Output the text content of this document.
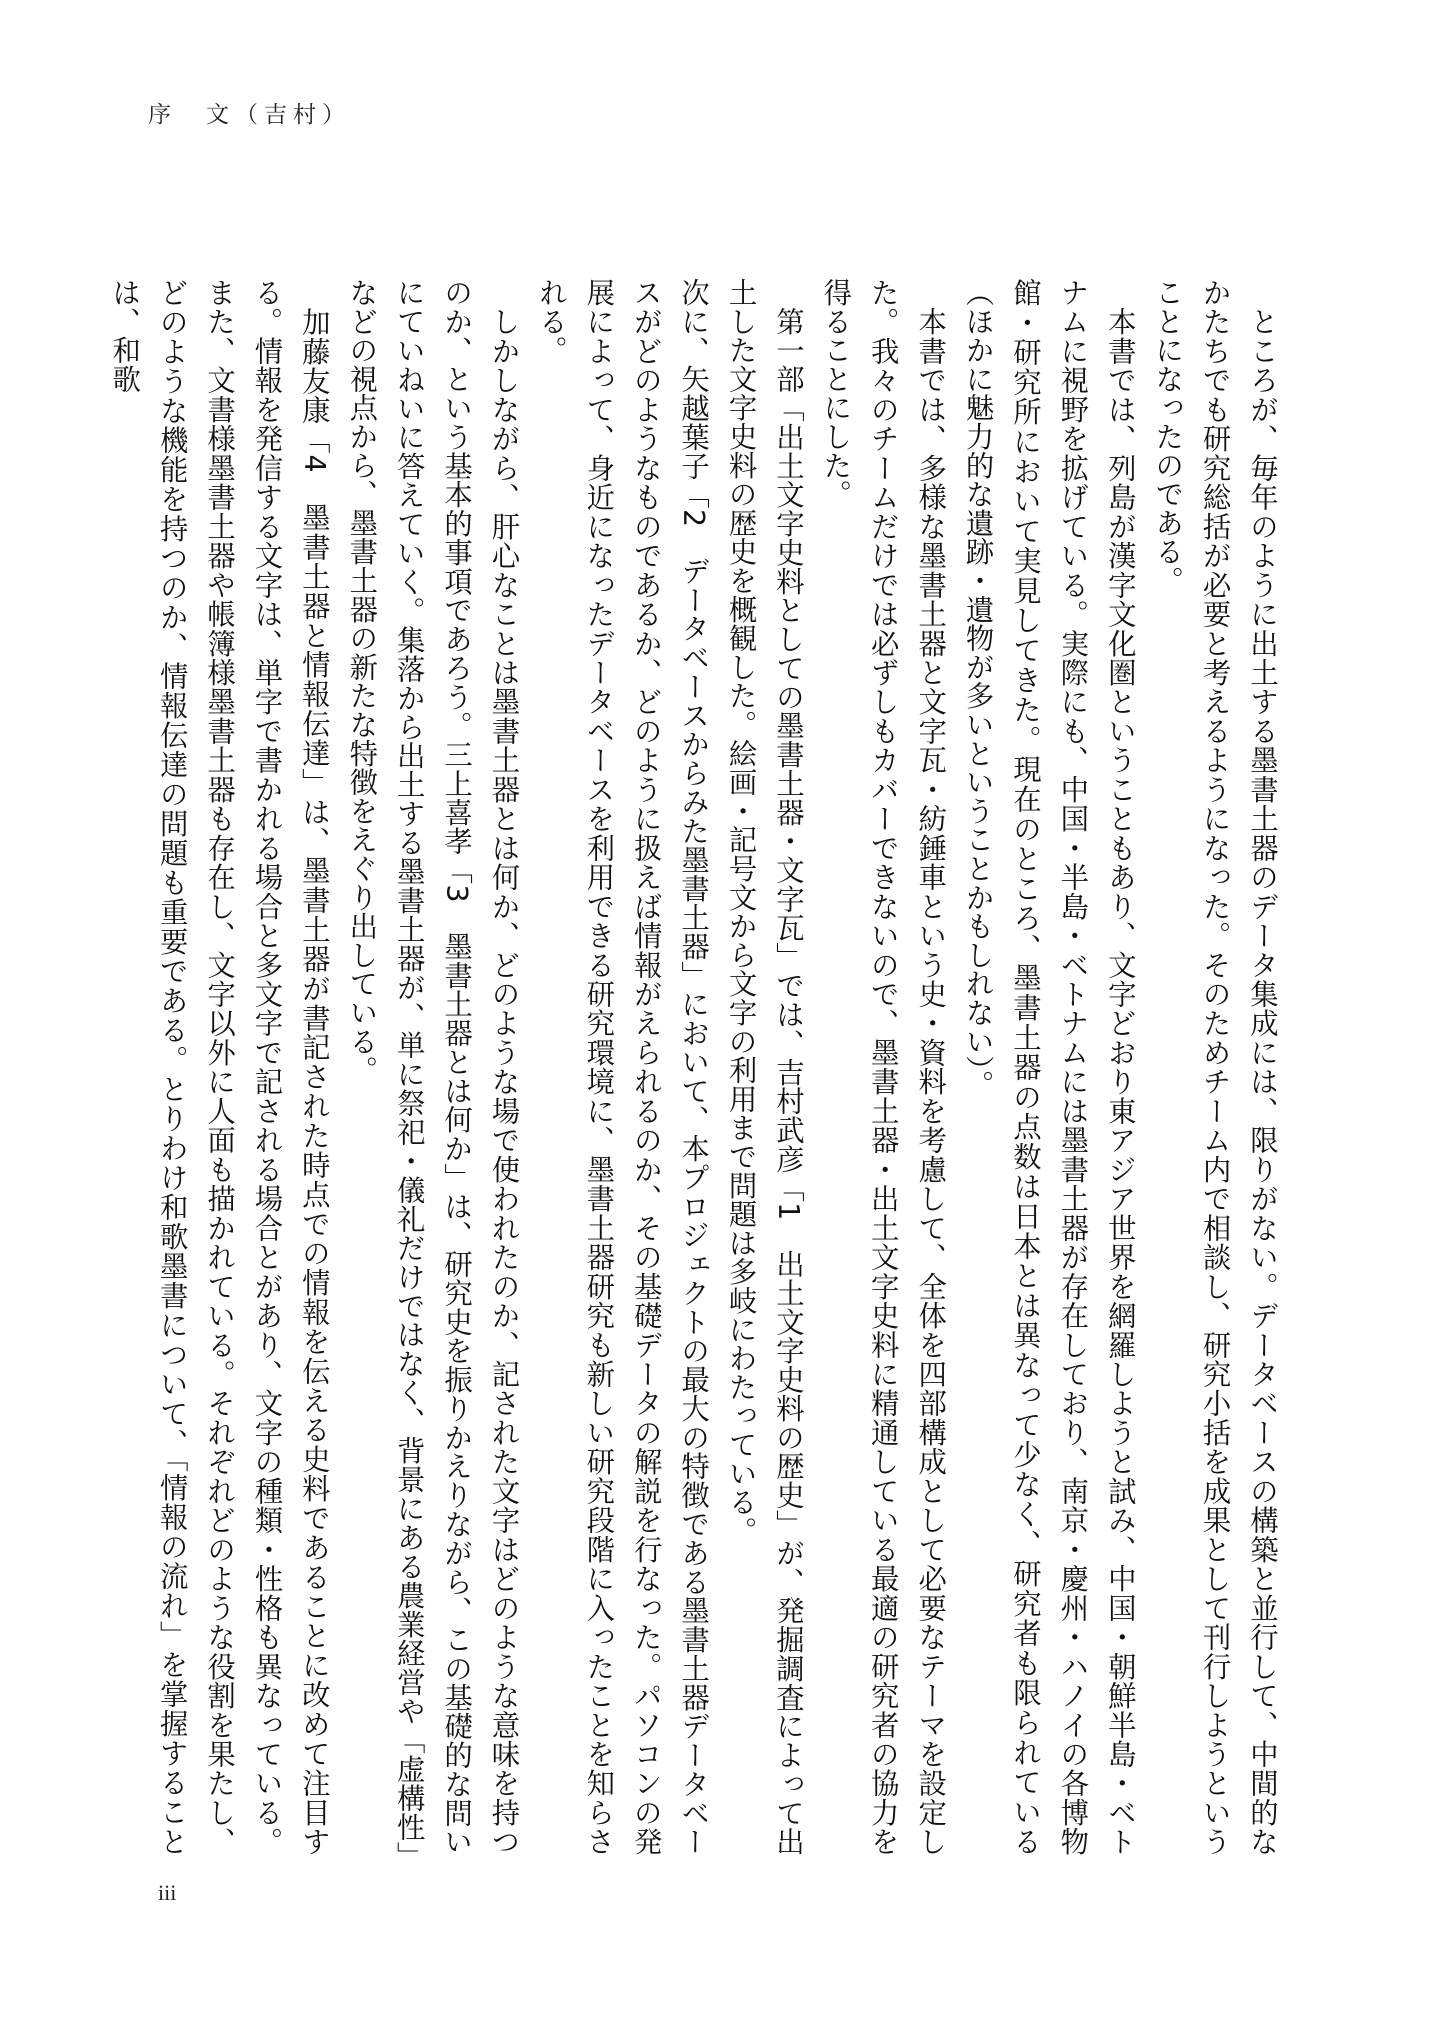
序　文（吉村）

　ところが、毎年のように出土する墨書土器のデータ集成には、限りがない。データベースの構築と並行して、中間的なかたちでも研究総括が必要と考えるようになった。そのためチーム内で相談し、研究小括を成果として刊行しようということになったのである。

　本書では、列島が漢字文化圏ということもあり、文字どおり東アジア世界を網羅しようと試み、中国・朝鮮半島・ベトナムに視野を拡げている。実際にも、中国・半島・ベトナムには墨書土器が存在しており、南京・慶州・ハノイの各博物館・研究所において実見してきた。現在のところ、墨書土器の点数は日本とは異なって少なく、研究者も限られている（ほかに魅力的な遺跡・遺物が多いということかもしれない）。

　本書では、多様な墨書土器と文字瓦・紡錘車という史・資料を考慮して、全体を四部構成として必要なテーマを設定した。我々のチームだけでは必ずしもカバーできないので、墨書土器・出土文字史料に精通している最適の研究者の協力を得ることにした。

　第一部「出土文字史料としての墨書土器・文字瓦」では、吉村武彦「1　出土文字史料の歴史」が、発掘調査によって出土した文字史料の歴史を概観した。絵画・記号文から文字の利用まで問題は多岐にわたっている。

次に、矢越葉子「2　データベースからみた墨書土器」において、本プロジェクトの最大の特徴である墨書土器データベースがどのようなものであるか、どのように扱えば情報がえられるのか、その基礎データの解説を行なった。パソコンの発展によって、身近になったデータベースを利用できる研究環境に、墨書土器研究も新しい研究段階に入ったことを知らされる。

　しかしながら、肝心なことは墨書土器とは何か、どのような場で使われたのか、記された文字はどのような意味を持つのか、という基本的事項であろう。三上喜孝「3　墨書土器とは何か」は、研究史を振りかえりながら、この基礎的な問いにていねいに答えていく。集落から出土する墨書土器が、単に祭祀・儀礼だけではなく、背景にある農業経営や「虚構性」などの視点から、墨書土器の新たな特徴をえぐり出している。

　加藤友康「4　墨書土器と情報伝達」は、墨書土器が書記された時点での情報を伝える史料であることに改めて注目する。情報を発信する文字は、単字で書かれる場合と多文字で記される場合とがあり、文字の種類・性格も異なっている。また、文書様墨書土器や帳簿様墨書土器も存在し、文字以外に人面も描かれている。それぞれどのような役割を果たし、どのような機能を持つのか、情報伝達の問題も重要である。とりわけ和歌墨書について、「情報の流れ」を掌握することは、和歌

iii
